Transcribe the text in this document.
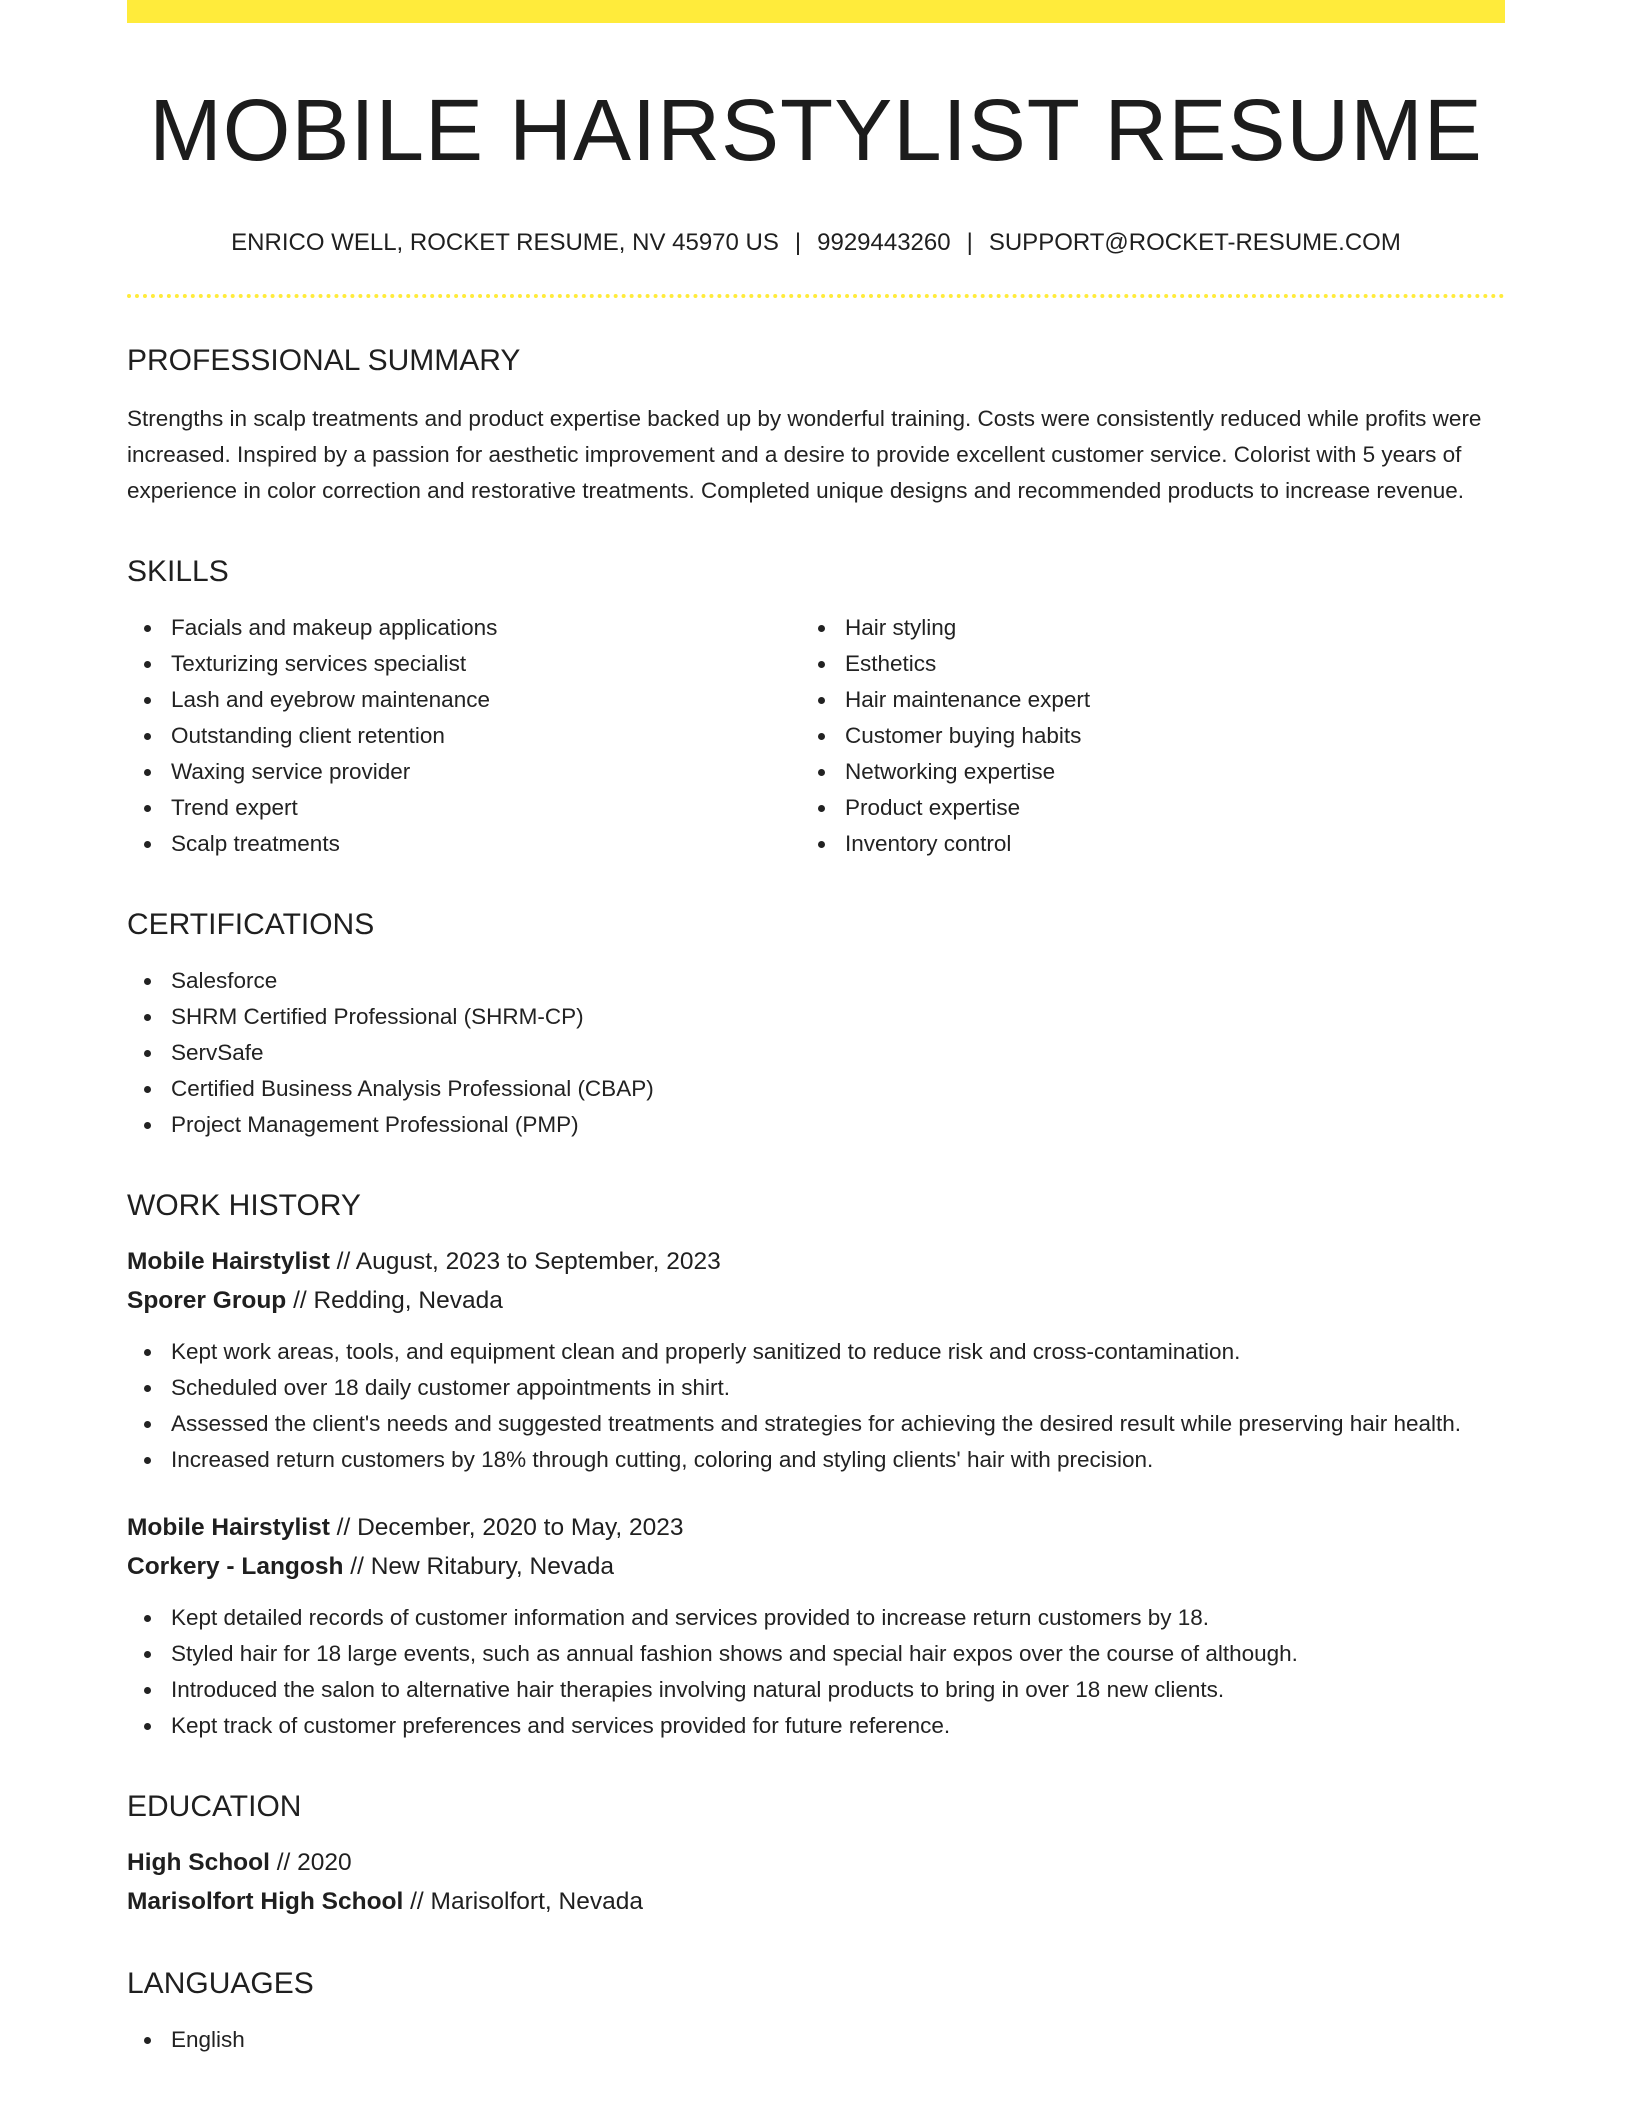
MOBILE HAIRSTYLIST RESUME
ENRICO WELL, ROCKET RESUME, NV 45970 US | 9929443260 | SUPPORT@ROCKET-RESUME.COM
PROFESSIONAL SUMMARY

Strengths in scalp treatments and product expertise backed up by wonderful training. Costs were consistently reduced while profits were increased. Inspired by a passion for aesthetic improvement and a desire to provide excellent customer service. Colorist with 5 years of experience in color correction and restorative treatments. Completed unique designs and recommended products to increase revenue.

SKILLS
Facials and makeup applications
Texturizing services specialist
Lash and eyebrow maintenance
Outstanding client retention
Waxing service provider
Trend expert
Scalp treatments
Hair styling
Esthetics
Hair maintenance expert
Customer buying habits
Networking expertise
Product expertise
Inventory control
CERTIFICATIONS
Salesforce
SHRM Certified Professional (SHRM-CP)
ServSafe
Certified Business Analysis Professional (CBAP)
Project Management Professional (PMP)
WORK HISTORY
Mobile Hairstylist // August, 2023 to September, 2023
Sporer Group // Redding, Nevada
Kept work areas, tools, and equipment clean and properly sanitized to reduce risk and cross-contamination.
Scheduled over 18 daily customer appointments in shirt.
Assessed the client's needs and suggested treatments and strategies for achieving the desired result while preserving hair health.
Increased return customers by 18% through cutting, coloring and styling clients' hair with precision.
Mobile Hairstylist // December, 2020 to May, 2023
Corkery - Langosh // New Ritabury, Nevada
Kept detailed records of customer information and services provided to increase return customers by 18.
Styled hair for 18 large events, such as annual fashion shows and special hair expos over the course of although.
Introduced the salon to alternative hair therapies involving natural products to bring in over 18 new clients.
Kept track of customer preferences and services provided for future reference.
EDUCATION
High School // 2020
Marisolfort High School // Marisolfort, Nevada
LANGUAGES
English
